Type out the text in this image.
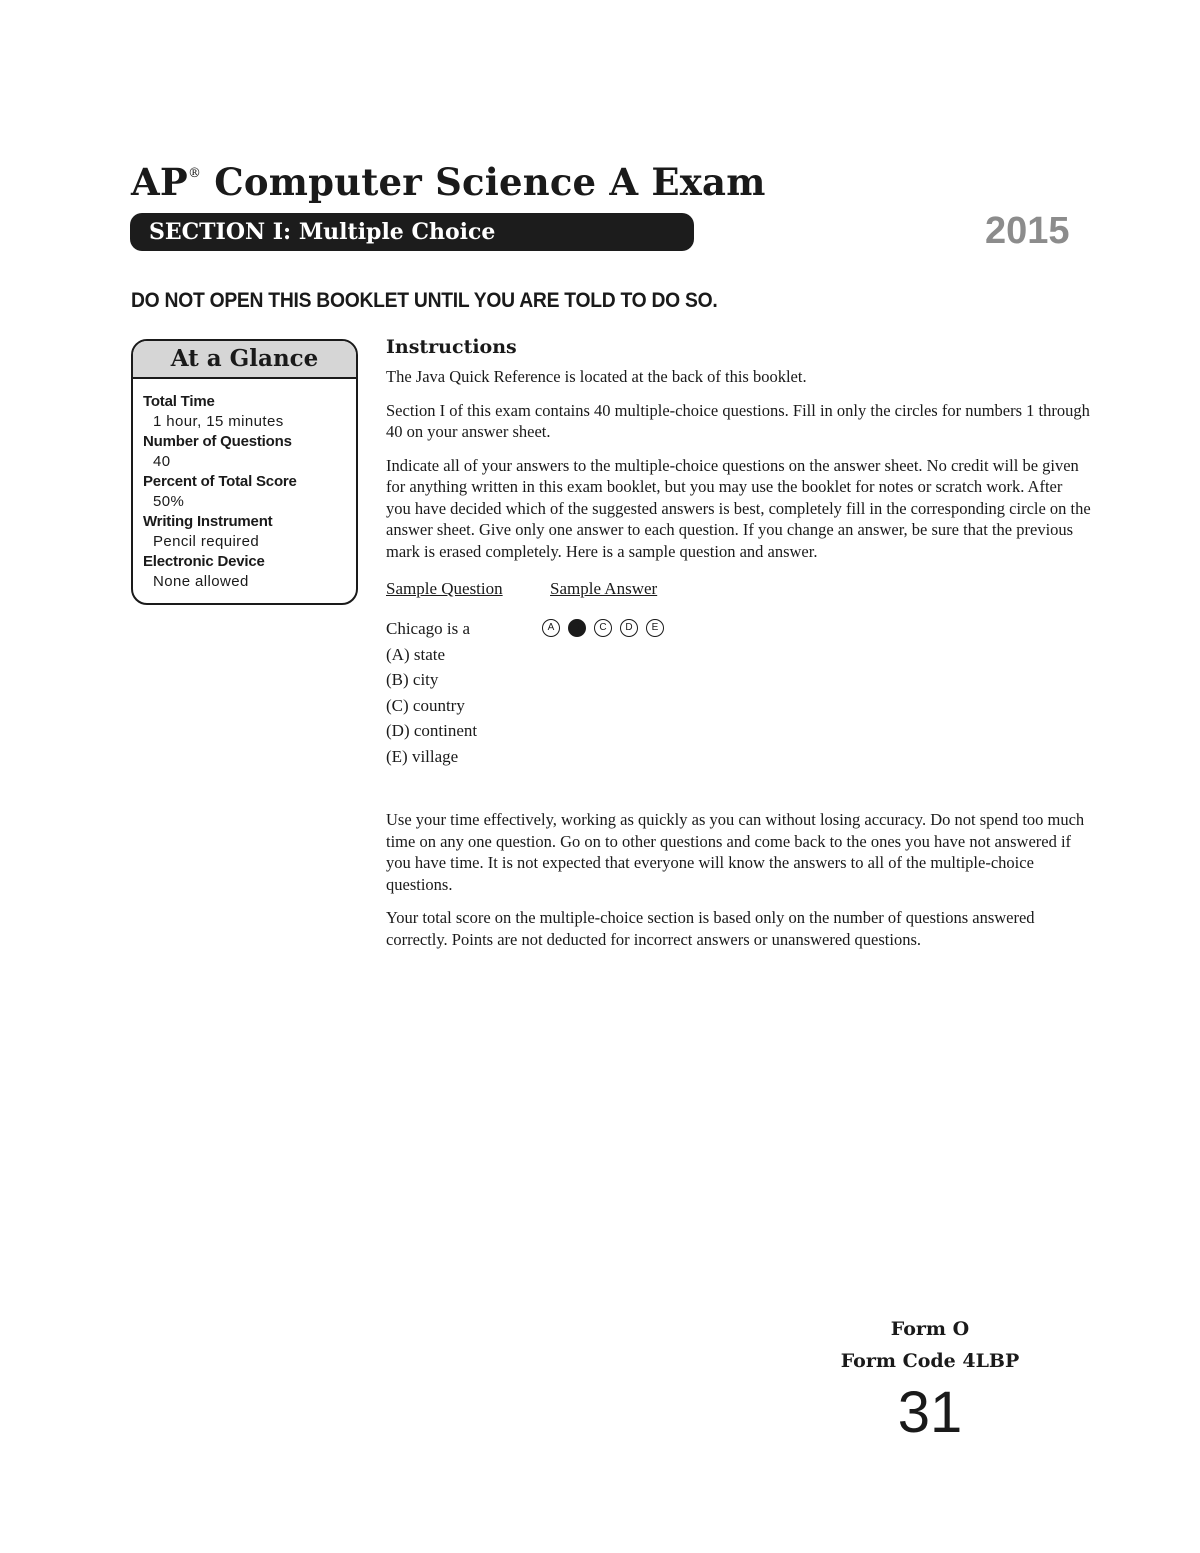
AP® Computer Science A Exam
SECTION I: Multiple Choice	2015
DO NOT OPEN THIS BOOKLET UNTIL YOU ARE TOLD TO DO SO.
At a Glance
Total Time
1 hour, 15 minutes
Number of Questions
40
Percent of Total Score
50%
Writing Instrument
Pencil required
Electronic Device
None allowed
Instructions

The Java Quick Reference is located at the back of this booklet.

Section I of this exam contains 40 multiple-choice questions. Fill in only the circles for numbers 1 through 40 on your answer sheet.

Indicate all of your answers to the multiple-choice questions on the answer sheet. No credit will be given for anything written in this exam booklet, but you may use the booklet for notes or scratch work. After you have decided which of the suggested answers is best, completely fill in the corresponding circle on the answer sheet. Give only one answer to each question. If you change an answer, be sure that the previous mark is erased completely. Here is a sample question and answer.

Sample Question	Sample Answer
Chicago is a
(A) state
(B) city
(C) country
(D) continent
(E) village
A	B	C	D	E

Use your time effectively, working as quickly as you can without losing accuracy. Do not spend too much time on any one question. Go on to other questions and come back to the ones you have not answered if you have time. It is not expected that everyone will know the answers to all of the multiple-choice questions.

Your total score on the multiple-choice section is based only on the number of questions answered correctly. Points are not deducted for incorrect answers or unanswered questions.

Form O
Form Code 4LBP
31
